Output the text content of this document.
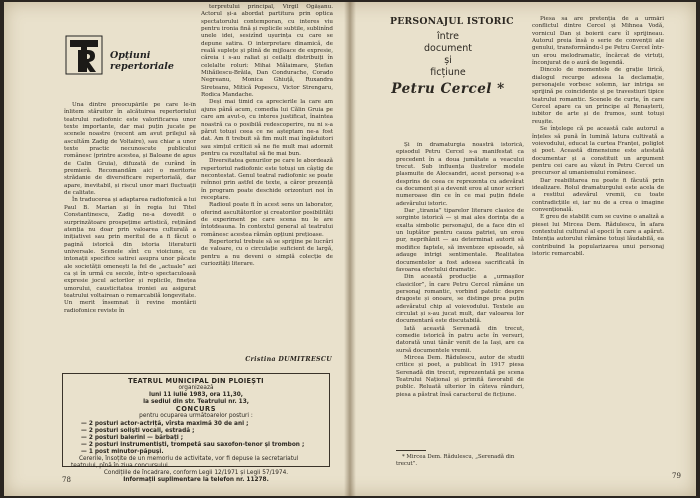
Opțiuni
repertoriale

Una dintre preocupările pe care le-în înlitem stăruitor în alcătuirea repertoriului teatrului radiofonic este valorificarea unor texte importante, dar mai puțin jucate pe scenele noastre (recent am avut prilejul să ascultăm Zadig de Voltaire), sau chiar a unor texte practic necunoscute publicului românesc (printre acestea, și Baloane de apus de Calin Gruia), difuzată de curând în premieră. Recomandăm aici o meritorie strădanie de diversificare repertorială, dar apare, inevitabil, și riscul unor mari fluctuații de calitate.

În traducerea și adaptarea radiofonică a lui Paul B. Marian și în regia lui Titel Constantinescu, Zadig ne-a dovedit o surprinzătoare prospețime artistică, reținând atenția nu doar prin valoarea culturală a inițiativei sau prin meritul de a fi făcut o pagină istorică din istoria literaturii universale. Scenele sînt cu vioiciune, cu intonații specifice satirei asupra unor păcate ale societății omenești la fel de „actuale” azi ca și în urmă cu secole, într-o spectaculoasă expresie jocul actorilor și replicile, finețea umorului, causticitatea ironiei au asigurat teatrului voltairean o remarcabilă longevitate. Un merit însemnat îi revine montării radiofonice reviste în

terpretului principal, Virgil Ogășanu. Actorul și-a abordat partitura prin optica spectatorului contemporan, cu interes viu pentru ironia fină și replicile subtile, sublinînd unele idei, sesizînd ușurința cu care se depune satira. O interpretare dinamică, de reală suplețe și plină de mijloace de expresie, căreia i s-au raliat și ceilalți distribuiți în celelalte roluri: Mihai Mălaimare, Ștefan Mihăilescu-Brăila, Dan Condurache, Corado Negreanu, Monica Ghiuță, Ruxandra Sireteanu, Mitică Popescu, Victor Strengaru, Rodica Mandache.

Deși mai timid ca aprecierile la care am ajuns până acum, comedia lui Călin Gruia pe care am avut-o, cu interes justificat, înaintea noastră ca o posibilă redescoperire, nu ni s-a părut totuși ceea ce ne așteptam ne-a fost dat. Am fi trebuit să fim mult mai îngăduitori sau simțul criticii să ne fie mult mai adormit pentru ca rezultatul să fie mai bun.

Diversitatea genurilor pe care le abordează repertoriul radiofonic este totuși un câștig de necontestat. Genul teatral radiofonic se poate reînnoi prin astfel de texte, a căror prezență în program poate deschide orizonturi noi în receptare.

Radioul poate fi în acest sens un laborator, oferind ascultătorilor și creatorilor posibilități de experiment pe care scena nu le are întotdeauna. În contextul general al teatrului românesc acestea rămân opțiuni prețioase.

Repertoriul trebuie să se sprijine pe lucrări de valoare, cu o circulație suficient de largă, pentru a nu deveni o simplă colecție de curiozități literare.

Cristina DUMITRESCU
TEATRUL MUNICIPAL DIN PLOIEȘTI
organizează
luni 11 iulie 1983, ora 11,30,
la sediul din str. Teatrului nr. 13,
CONCURS
pentru ocuparea următoarelor posturi :
— 2 posturi actor-actriță, vîrsta maximă 30 de ani ;
— 2 posturi soliști vocali, estradă ;
— 2 posturi balerini — bărbați ;
— 2 posturi instrumentiști, trompetă sau saxofon-tenor și trombon ;
— 1 post minutor-păpuși.
Cererile, însoțite de un memoriu de activitate, vor fi depuse la secretariatul teatrului, pînă în ziua concursului.
Condițiile de încadrare, conform Legii 12/1971 și Legii 57/1974.
Informații suplimentare la telefon nr. 11278.
78
PERSONAJUL ISTORIC
între
document
și
ficțiune
Petru Cercel *

Și în dramaturgia noastră istorică, episodul Petru Cercel s-a manifestat ca precedent în a doua jumătate a veacului trecut. Sub influența ilustrelor modele plasmuite de Alecsandri, acest personaj s-a desprins de ceea ce reprezenta cu adevărat ca document și a devenit erou al unor scrieri numeroase din ce în ce mai puțin fidele adevărului istoric.

Dar „tirania” tiparelor literare clasice de sorginte istorică — și mai ales dorința de a exalta simbolic personajul, de a face din el un luptător pentru cauza patriei, un erou pur, neprihănit — au determinat autorii să modifice faptele, să inventeze episoade, să adauge intrigi sentimentale. Realitatea documentelor a fost adesea sacrificată în favoarea efectului dramatic.

Din această producție a „urmașilor clasicilor”, în care Petru Cercel rămâne un personaj romantic, vorbind patetic despre dragoste și onoare, se distinge prea puțin adevăratul chip al voievodului. Textele au circulat și s-au jucat mult, dar valoarea lor documentară este discutabilă.

Iată această Serenadă din trecut, comedie istorică în patru acte în versuri, datorată unui tânăr venit de la Iași, are ca sursă documentele vremii.

Mircea Dem. Rădulescu, autor de studii critice și poet, a publicat în 1917 piesa Serenadă din trecut, reprezentată pe scena Teatrului Național și primită favorabil de public. Reluată ulterior în câteva rânduri, piesa a păstrat însă caracterul de ficțiune.

* Mircea Dem. Rădulescu, „Serenadă din trecut”.

Piesa sa are pretenția de a urmări conflictul dintre Cercel și Mihnea Vodă, vornicul Dan și boierii care îl sprijineau. Autorul preia însă o serie de convenții ale genului, transformându-l pe Petru Cercel într-un erou melodramatic, încărcat de virtuți, înconjurat de o aură de legendă.

Dincolo de momentele de grație lirică, dialogul recurge adesea la declamație, personajele vorbesc solemn, iar intriga se sprijină pe coincidențe și pe travestiuri tipice teatrului romantic. Scenele de curte, în care Cercel apare ca un principe al Renașterii, iubitor de arte și de frumos, sunt totuși reușite.

Se înțelege că pe această cale autorul a înțeles să pună în lumină latura cultivată a voievodului, educat la curtea Franței, poliglot și poet. Această dimensiune este atestată documentar și a constituit un argument pentru cei care au văzut în Petru Cercel un precursor al umanismului românesc.

Dar reabilitarea nu poate fi făcută prin idealizare. Rolul dramaturgului este acela de a restitui adevărul vremii, cu toate contradicțiile ei, iar nu de a crea o imagine convențională.

E greu de stabilit cum se cuvine o analiză a piesei lui Mircea Dem. Rădulescu, în afara contextului cultural al epocii în care a apărut. Intenția autorului rămâne totuși lăudabilă, ea contribuind la popularizarea unui personaj istoric remarcabil.

79
